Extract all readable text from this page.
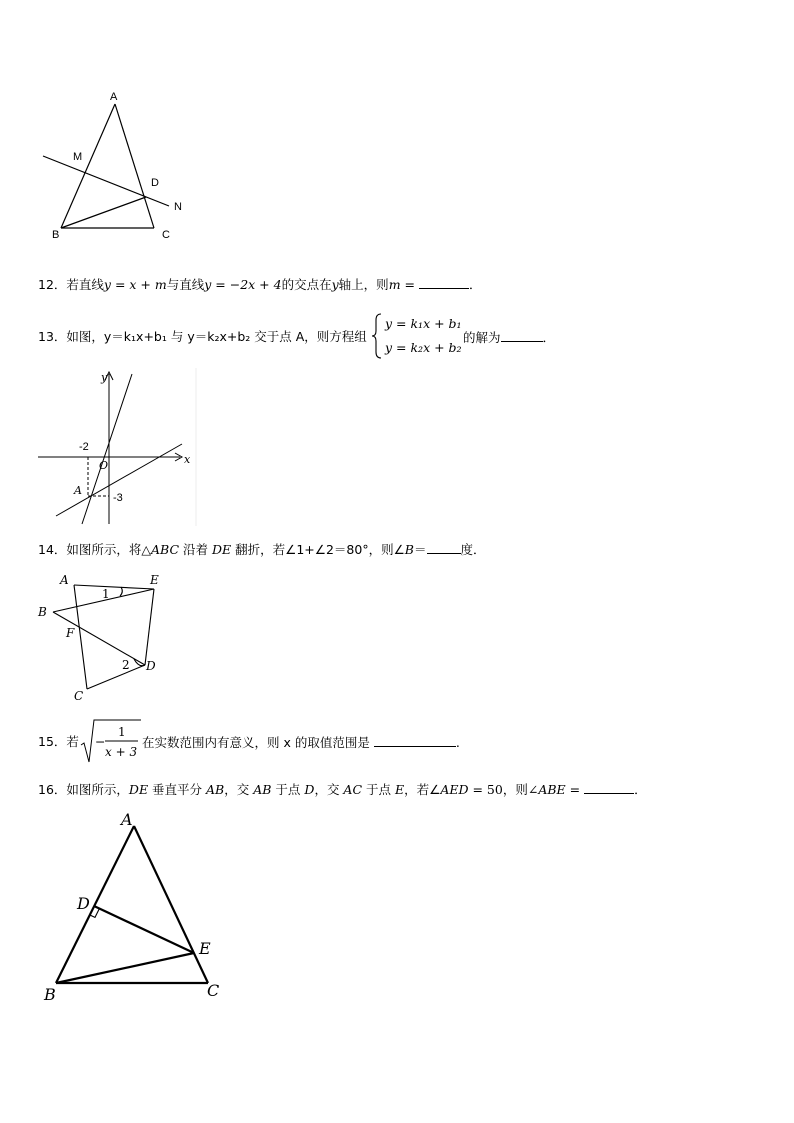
A
M
D
N
B	C
12．若直线y = x + m与直线y = −2x + 4的交点在y轴上，则m =	．
13．如图，y＝k₁x+b₁ 与 y＝k₂x+b₂ 交于点 A，则方程组
y = k₁x + b₁
y = k₂x + b₂
的解为	．
y
x
O
A
-2
-3
14．如图所示，将△ABC 沿着 DE 翻折，若∠1+∠2＝80°，则∠B＝	度．
A	E
B
F
D
C
1
2
15．若 −
1
x + 3
在实数范围内有意义，则 x 的取值范围是	.
16．如图所示，DE 垂直平分 AB，交 AB 于点 D，交 AC 于点 E，若∠AED = 50，则∠ABE =	．
A
D
E
B	C
